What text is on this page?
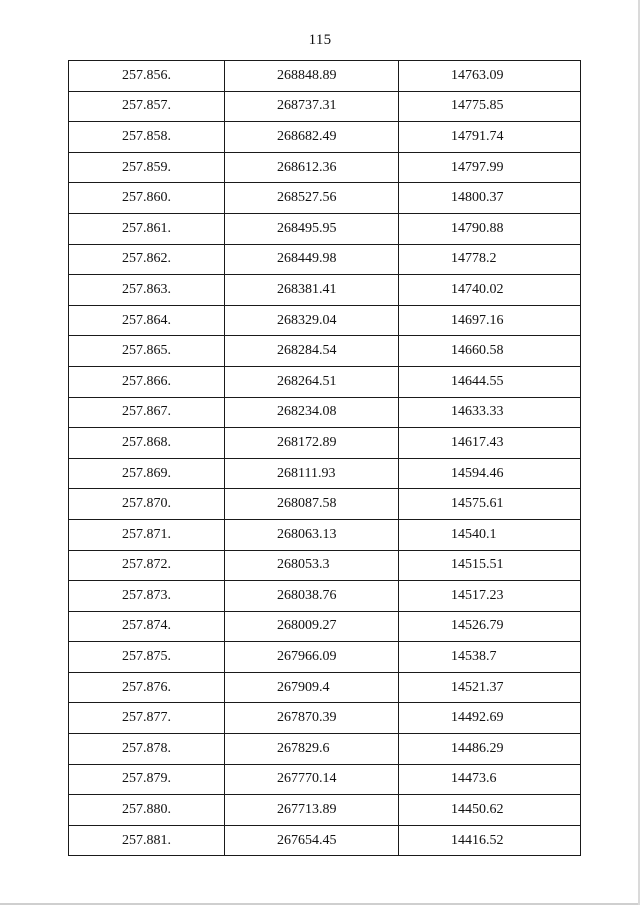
115
257.856.	268848.89	14763.09
257.857.	268737.31	14775.85
257.858.	268682.49	14791.74
257.859.	268612.36	14797.99
257.860.	268527.56	14800.37
257.861.	268495.95	14790.88
257.862.	268449.98	14778.2
257.863.	268381.41	14740.02
257.864.	268329.04	14697.16
257.865.	268284.54	14660.58
257.866.	268264.51	14644.55
257.867.	268234.08	14633.33
257.868.	268172.89	14617.43
257.869.	268111.93	14594.46
257.870.	268087.58	14575.61
257.871.	268063.13	14540.1
257.872.	268053.3	14515.51
257.873.	268038.76	14517.23
257.874.	268009.27	14526.79
257.875.	267966.09	14538.7
257.876.	267909.4	14521.37
257.877.	267870.39	14492.69
257.878.	267829.6	14486.29
257.879.	267770.14	14473.6
257.880.	267713.89	14450.62
257.881.	267654.45	14416.52
